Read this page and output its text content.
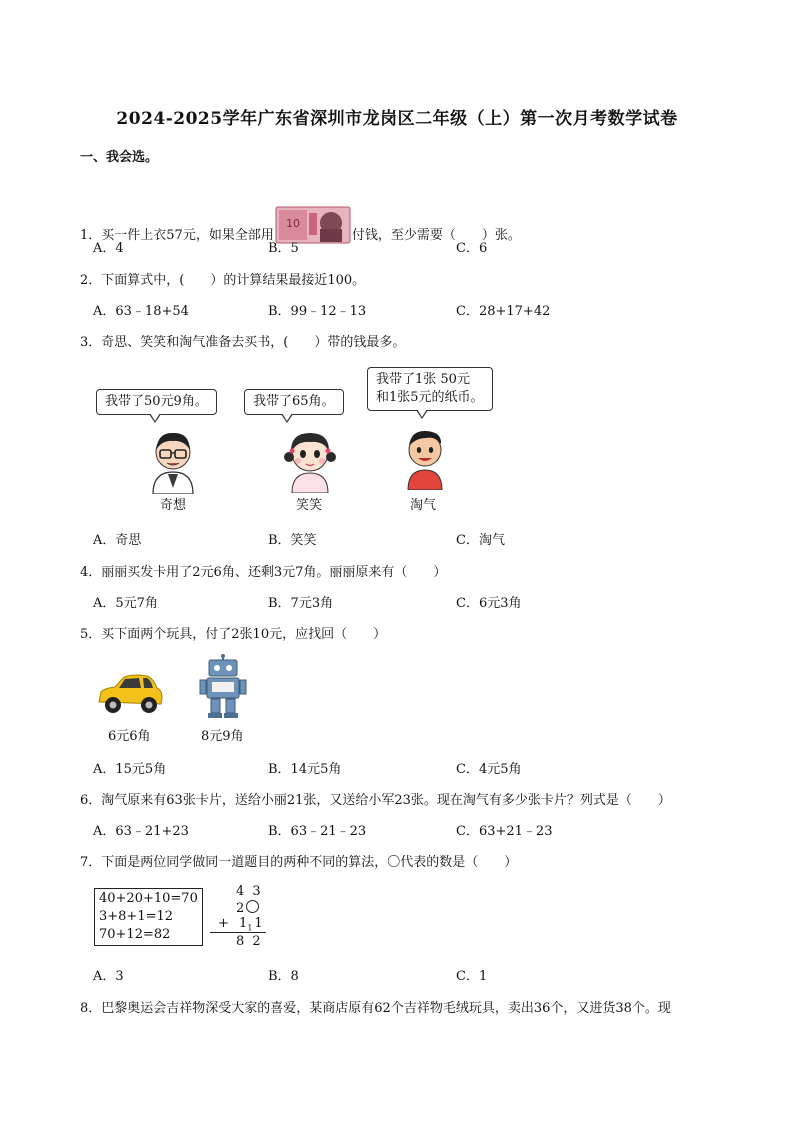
2024-2025学年广东省深圳市龙岗区二年级（上）第一次月考数学试卷
一、我会选。
1．买一件上衣57元，如果全部用
10
付钱，至少需要（　　）张。
A．4	B．5	C．6
2．下面算式中，(　　）的计算结果最接近100。
A．63﹣18+54	B．99﹣12﹣13	C．28+17+42
3．奇思、笑笑和淘气准备去买书，(　　）带的钱最多。
我带了50元9角。	我带了65角。
我带了1张 50元
和1张5元的纸币。
奇想	笑笑	淘气
A．奇思	B．笑笑	C．淘气
4．丽丽买发卡用了2元6角、还剩3元7角。丽丽原来有（　　）
A．5元7角	B．7元3角	C．6元3角
5．买下面两个玩具，付了2张10元，应找回（　　）
6元6角	8元9角
A．15元5角	B．14元5角	C．4元5角
6．淘气原来有63张卡片，送给小丽21张，又送给小军23张。现在淘气有多少张卡片？列式是（　　）
A．63﹣21+23	B．63﹣21﹣23	C．63+21﹣23
7．下面是两位同学做同一道题目的两种不同的算法，〇代表的数是（　　）
40+20+10=70
3+8+1=12
70+12=82
4 3
2
+ $1_1$ 1
8 2
A．3	B．8	C．1
8．巴黎奥运会吉祥物深受大家的喜爱，某商店原有62个吉祥物毛绒玩具，卖出36个，又进货38个。现
